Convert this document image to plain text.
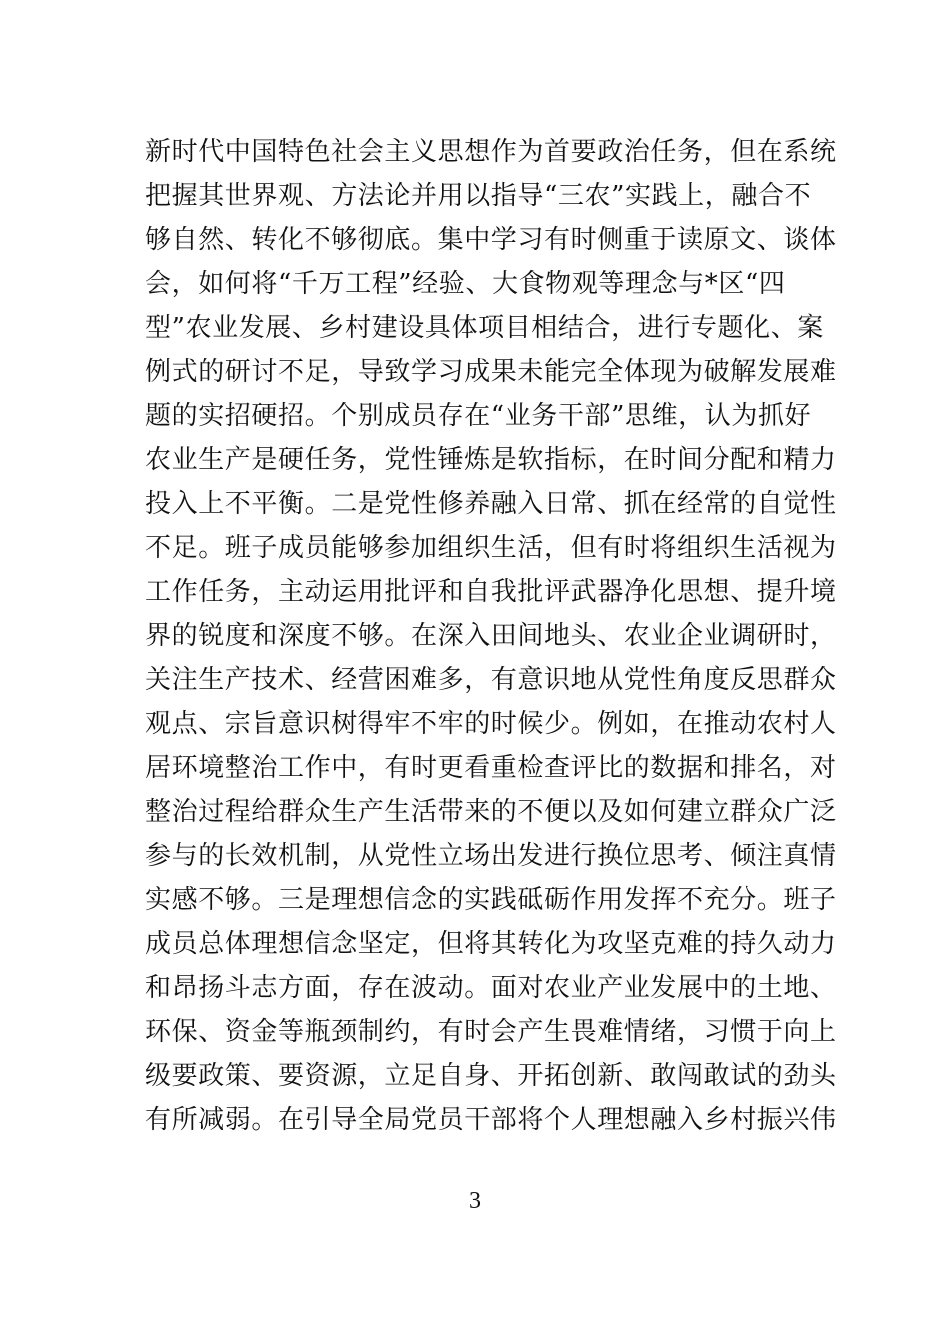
新时代中国特色社会主义思想作为首要政治任务，但在系统
把握其世界观、方法论并用以指导“三农”实践上，融合不
够自然、转化不够彻底。集中学习有时侧重于读原文、谈体
会，如何将“千万工程”经验、大食物观等理念与*区“四
型”农业发展、乡村建设具体项目相结合，进行专题化、案
例式的研讨不足，导致学习成果未能完全体现为破解发展难
题的实招硬招。个别成员存在“业务干部”思维，认为抓好
农业生产是硬任务，党性锤炼是软指标，在时间分配和精力
投入上不平衡。二是党性修养融入日常、抓在经常的自觉性
不足。班子成员能够参加组织生活，但有时将组织生活视为
工作任务，主动运用批评和自我批评武器净化思想、提升境
界的锐度和深度不够。在深入田间地头、农业企业调研时，
关注生产技术、经营困难多，有意识地从党性角度反思群众
观点、宗旨意识树得牢不牢的时候少。例如，在推动农村人
居环境整治工作中，有时更看重检查评比的数据和排名，对
整治过程给群众生产生活带来的不便以及如何建立群众广泛
参与的长效机制，从党性立场出发进行换位思考、倾注真情
实感不够。三是理想信念的实践砥砺作用发挥不充分。班子
成员总体理想信念坚定，但将其转化为攻坚克难的持久动力
和昂扬斗志方面，存在波动。面对农业产业发展中的土地、
环保、资金等瓶颈制约，有时会产生畏难情绪，习惯于向上
级要政策、要资源，立足自身、开拓创新、敢闯敢试的劲头
有所减弱。在引导全局党员干部将个人理想融入乡村振兴伟
3
